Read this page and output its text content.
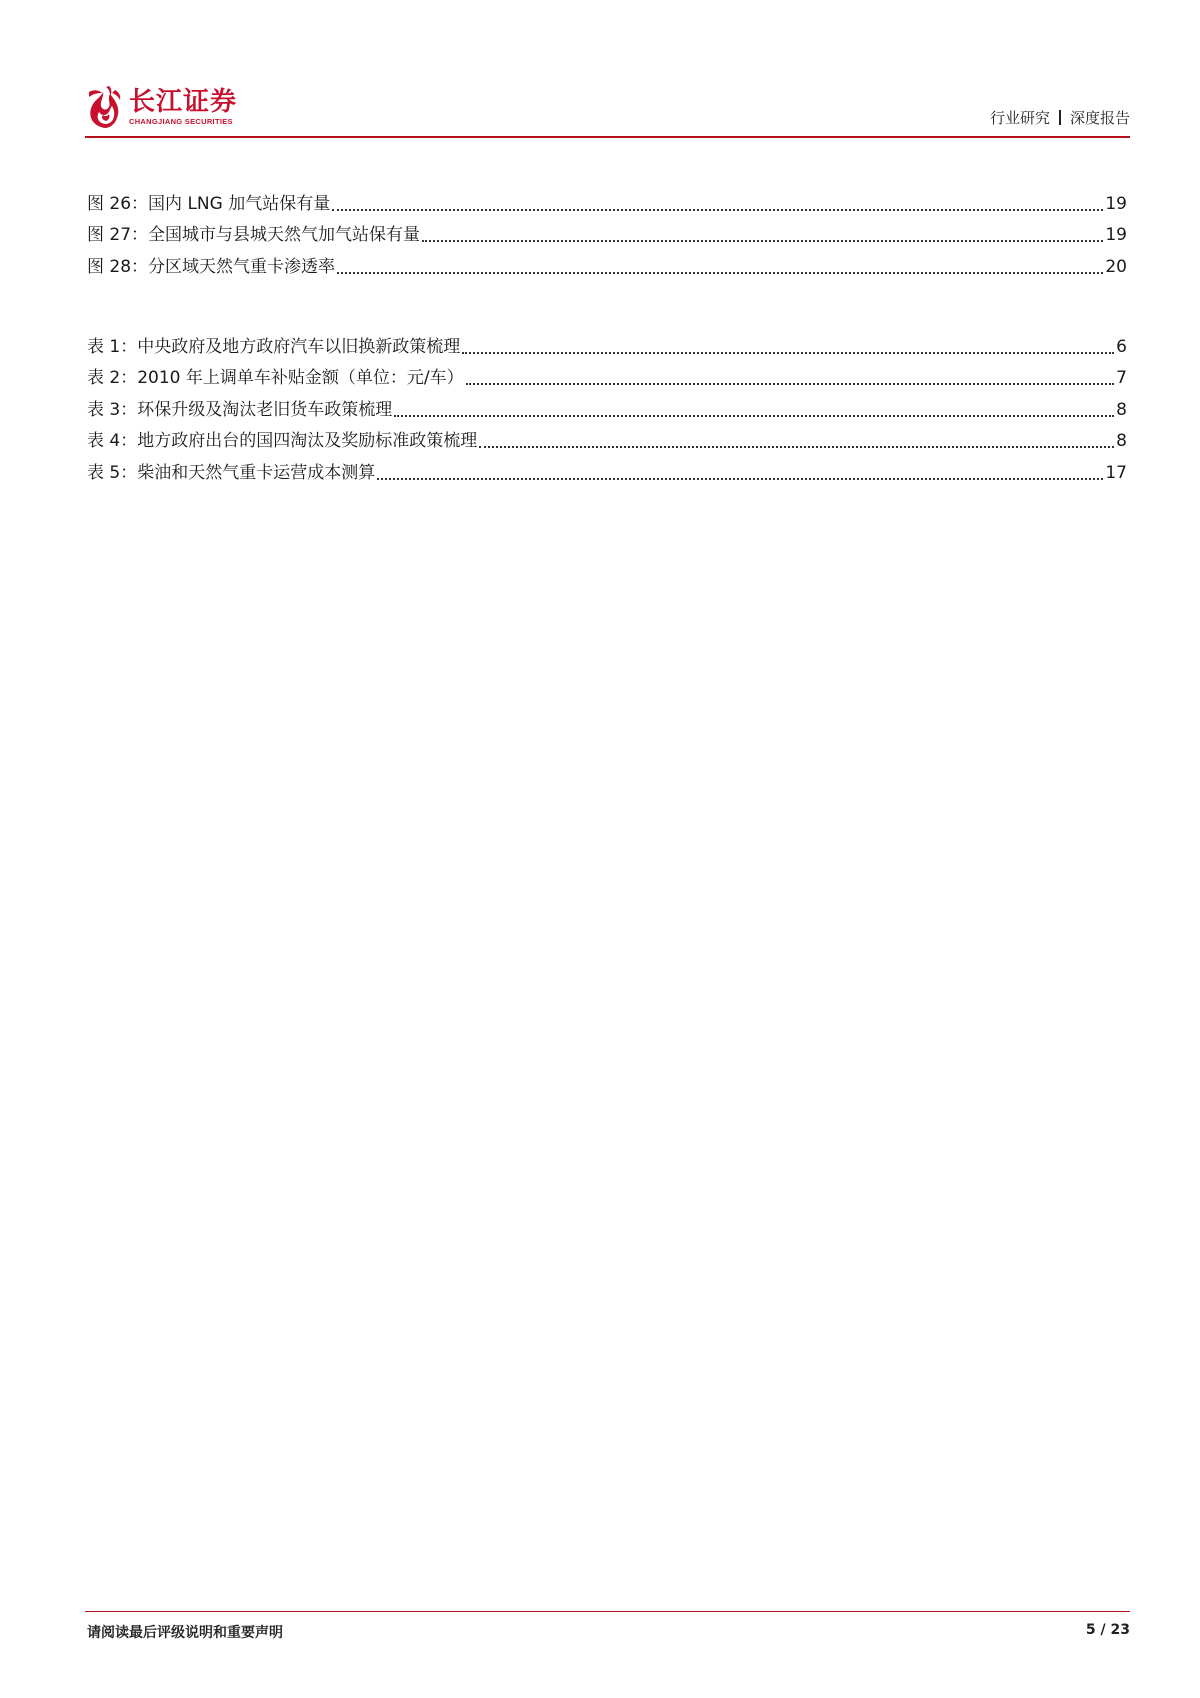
长江证券
CHANGJIANG SECURITIES	行业研究 深度报告
图 26：国内 LNG 加气站保有量	19
图 27：全国城市与县城天然气加气站保有量	19
图 28：分区域天然气重卡渗透率	20
表 1：中央政府及地方政府汽车以旧换新政策梳理	6
表 2：2010 年上调单车补贴金额（单位：元/车）	7
表 3：环保升级及淘汰老旧货车政策梳理	8
表 4：地方政府出台的国四淘汰及奖励标准政策梳理	8
表 5：柴油和天然气重卡运营成本测算	17
请阅读最后评级说明和重要声明	5 / 23
